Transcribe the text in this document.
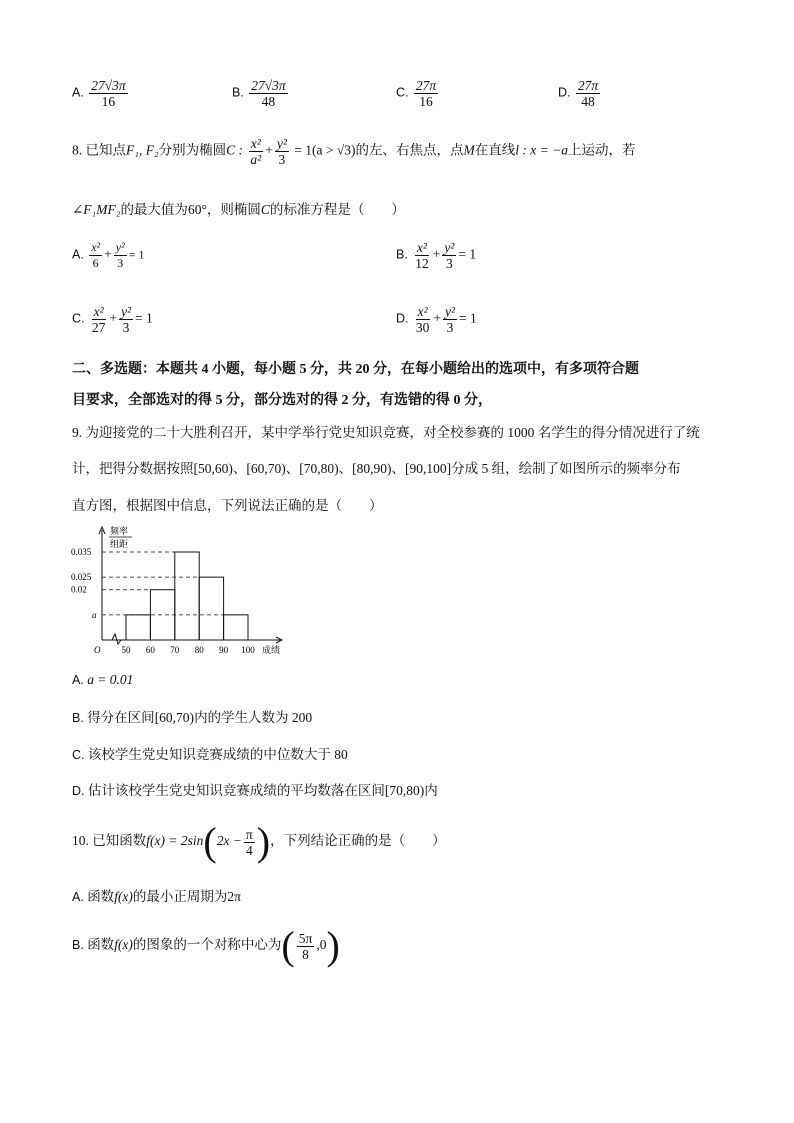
A. $\frac{27√3\pi}{16}$	B. $\frac{27√3\pi}{48}$	C. $\frac{27\pi}{16}$	D. $\frac{27\pi}{48}$
8. 已知点F₁, F₂分别为椭圆C : $\frac{\text{x²}}{\text{a²}} + \frac{\text{y²}}{3} = 1(a > √3)$的左、右焦点，点M在直线l : x = −a上运动，若
∠F₁MF₂的最大值为60°，则椭圆C的标准方程是（　　）
A. $\frac{\text{x²}}{6} + \frac{\text{y²}}{3} = 1$	B. $\frac{\text{x²}}{12} + \frac{\text{y²}}{3} = 1$
C. $\frac{\text{x²}}{27} + \frac{\text{y²}}{3} = 1$	D. $\frac{\text{x²}}{30} + \frac{\text{y²}}{3} = 1$
二、多选题：本题共 4 小题，每小题 5 分，共 20 分，在每小题给出的选项中，有多项符合题
目要求，全部选对的得 5 分，部分选对的得 2 分，有选错的得 0 分，
9. 为迎接党的二十大胜利召开，某中学举行党史知识竞赛，对全校参赛的 1000 名学生的得分情况进行了统
计，把得分数据按照[50,60)、[60,70)、[70,80)、[80,90)、[90,100]分成 5 组，绘制了如图所示的频率分布
直方图，根据图中信息，下列说法正确的是（　　）
频率
组距
0.035
0.025
0.02
a
50 60 70 80 90 100 成绩
O
A. a = 0.01
B. 得分在区间[60,70)内的学生人数为 200
C. 该校学生党史知识竞赛成绩的中位数大于 80
D. 估计该校学生党史知识竞赛成绩的平均数落在区间[70,80)内
10. 已知函数$f(x) = 2\sin(2x - \frac{\pi}{4}$ )，下列结论正确的是（　　）
A. 函数f(x)的最小正周期为2π
B. 函数f(x)的图象的一个对称中心为( $\frac{5\pi}{8} ,0$)
